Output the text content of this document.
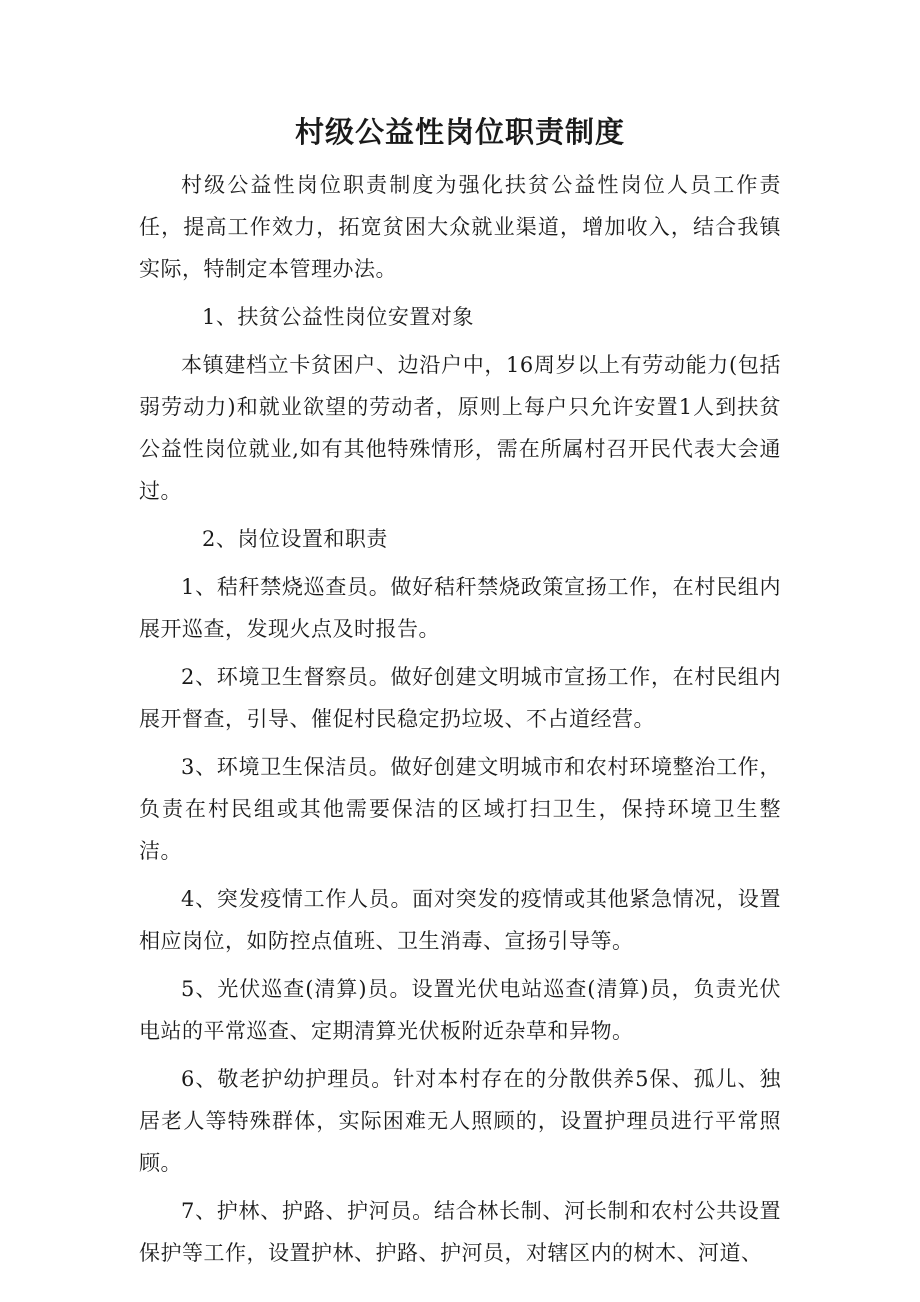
村级公益性岗位职责制度

村级公益性岗位职责制度为强化扶贫公益性岗位人员工作责任，提高工作效力，拓宽贫困大众就业渠道，增加收入，结合我镇实际，特制定本管理办法。

1、扶贫公益性岗位安置对象

本镇建档立卡贫困户、边沿户中，16周岁以上有劳动能力(包括弱劳动力)和就业欲望的劳动者，原则上每户只允许安置1人到扶贫公益性岗位就业,如有其他特殊情形，需在所属村召开民代表大会通过。

2、岗位设置和职责

1、秸秆禁烧巡查员。做好秸秆禁烧政策宣扬工作，在村民组内展开巡查，发现火点及时报告。

2、环境卫生督察员。做好创建文明城市宣扬工作，在村民组内展开督查，引导、催促村民稳定扔垃圾、不占道经营。

3、环境卫生保洁员。做好创建文明城市和农村环境整治工作，负责在村民组或其他需要保洁的区域打扫卫生，保持环境卫生整洁。

4、突发疫情工作人员。面对突发的疫情或其他紧急情况，设置相应岗位，如防控点值班、卫生消毒、宣扬引导等。

5、光伏巡查(清算)员。设置光伏电站巡查(清算)员，负责光伏电站的平常巡查、定期清算光伏板附近杂草和异物。

6、敬老护幼护理员。针对本村存在的分散供养5保、孤儿、独居老人等特殊群体，实际困难无人照顾的，设置护理员进行平常照顾。

7、护林、护路、护河员。结合林长制、河长制和农村公共设置保护等工作，设置护林、护路、护河员，对辖区内的树木、河道、
